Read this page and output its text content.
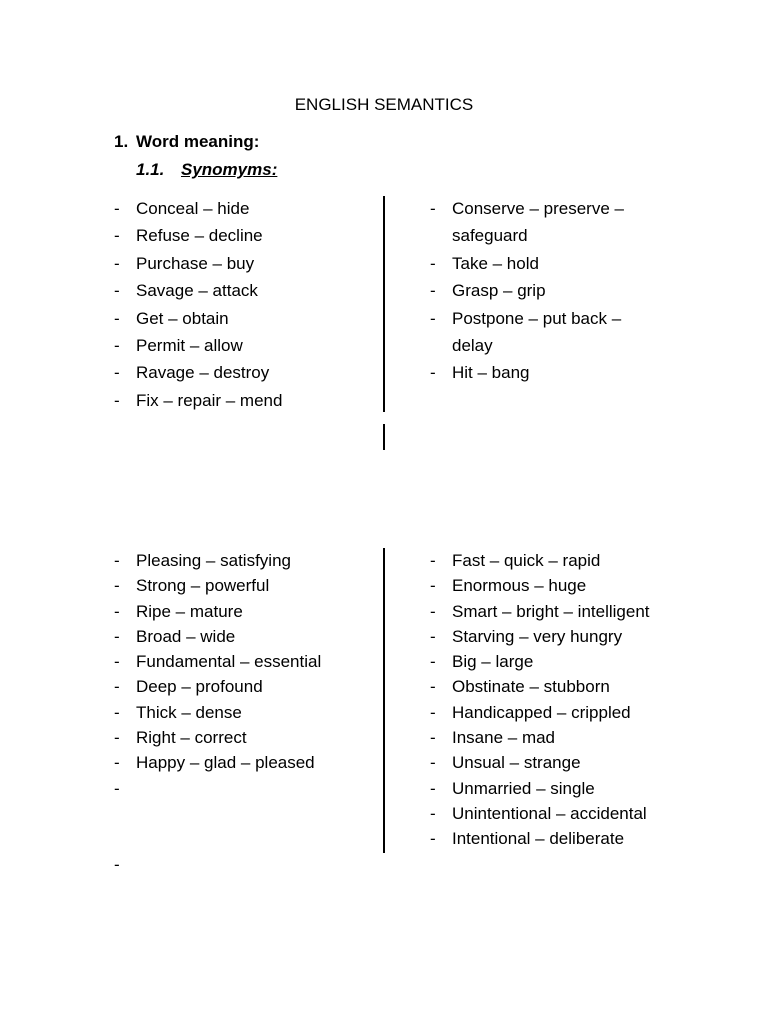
ENGLISH SEMANTICS
1. Word meaning:
1.1. Synomyms:
- Conceal – hide
- Refuse – decline
- Purchase – buy
- Savage – attack
- Get – obtain
- Permit – allow
- Ravage – destroy
- Fix – repair – mend
- Conserve – preserve –
safeguard
- Take – hold
- Grasp – grip
- Postpone – put back –
delay
- Hit – bang
- Pleasing – satisfying
- Strong – powerful
- Ripe – mature
- Broad – wide
- Fundamental – essential
- Deep – profound
- Thick – dense
- Right – correct
- Happy – glad – pleased
-
- Fast – quick – rapid
- Enormous – huge
- Smart – bright – intelligent
- Starving – very hungry
- Big – large
- Obstinate – stubborn
- Handicapped – crippled
- Insane – mad
- Unsual – strange
- Unmarried – single
- Unintentional – accidental
- Intentional – deliberate
-
